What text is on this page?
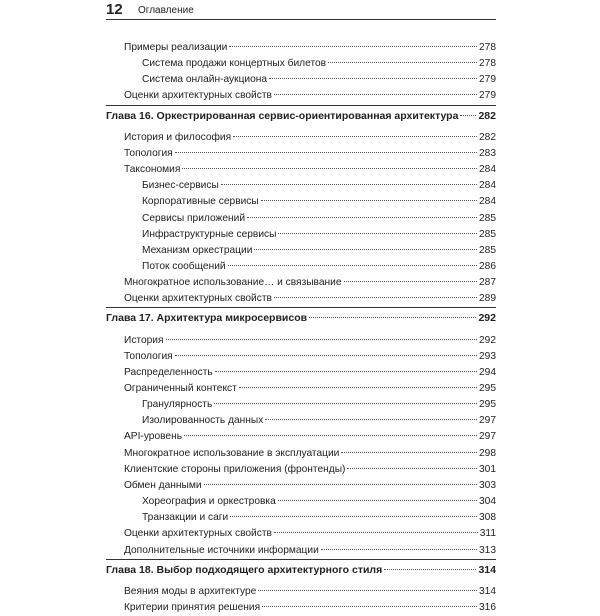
12 Оглавление
Примеры реализации	278
Система продажи концертных билетов	278
Система онлайн-аукциона	279
Оценки архитектурных свойств	279
Глава 16. Оркестрированная сервис-ориентированная архитектура 282
История и философия	282
Топология	283
Таксономия	284
Бизнес-сервисы	284
Корпоративные сервисы	284
Сервисы приложений	285
Инфраструктурные сервисы	285
Механизм оркестрации	285
Поток сообщений	286
Многократное использование… и связывание	287
Оценки архитектурных свойств	289
Глава 17. Архитектура микросервисов	292
История	292
Топология	293
Распределенность	294
Ограниченный контекст	295
Гранулярность	295
Изолированность данных	297
API-уровень	297
Многократное использование в эксплуатации	298
Клиентские стороны приложения (фронтенды)	301
Обмен данными	303
Хореография и оркестровка	304
Транзакции и саги	308
Оценки архитектурных свойств	311
Дополнительные источники информации	313
Глава 18. Выбор подходящего архитектурного стиля	314
Веяния моды в архитектуре	314
Критерии принятия решения	316
